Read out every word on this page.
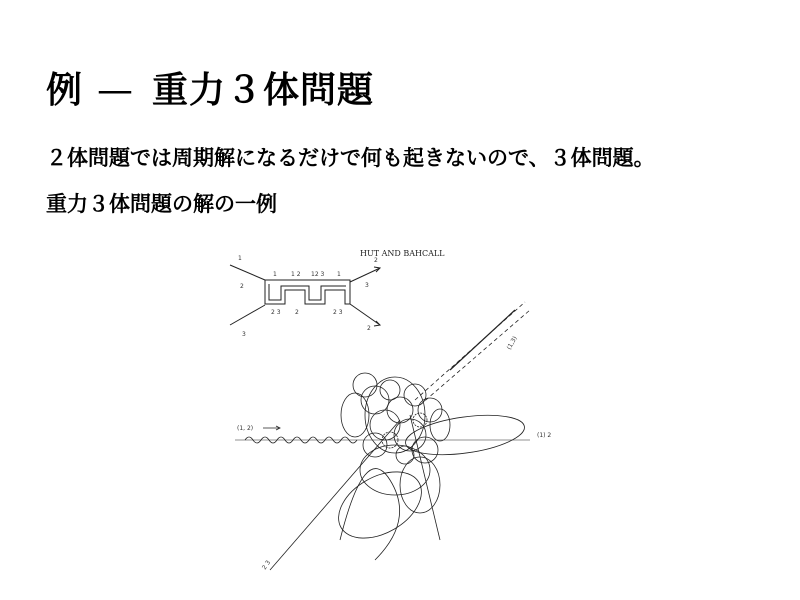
例 — 重力３体問題
２体問題では周期解になるだけで何も起きないので、３体問題。
重力３体問題の解の一例
HUT AND BAHCALL
1
2
3
2
3
2
1 1 2 12 3 1
2 3 2	2 3
(1, 2)
(1,3)
(1) 2
2 3
